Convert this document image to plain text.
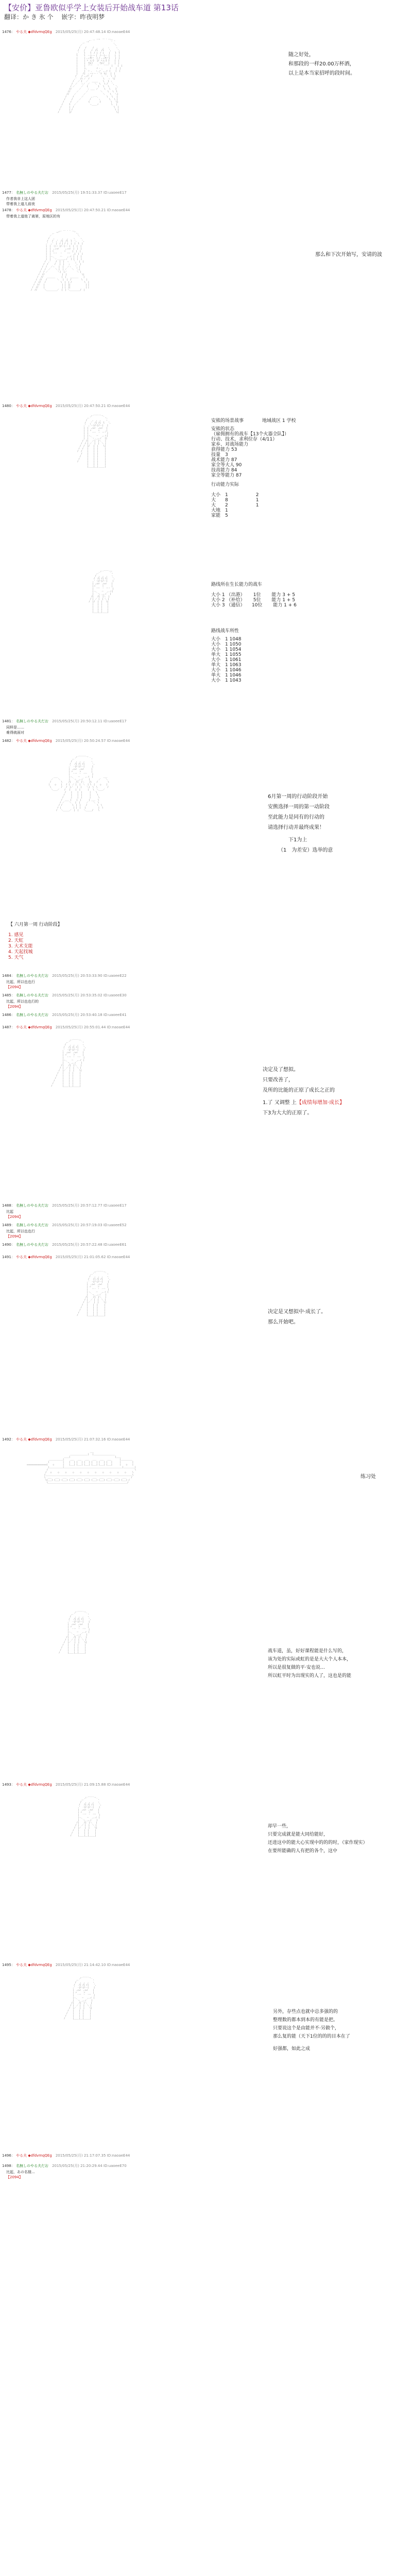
【安价】亚鲁欧似乎学上女装后开始战车道 第13话
翻译：か き 氷 个　 嵌字：昨夜明梦
1476： やる夫 ◆dfdvmqQEg　 2015/05/25(月) 20:47:48.14 ID:naoaeE44

,. -‐ ''"  ￣ ` ''ｰ- 、
,. '"                  ` 、
／                          ＼
/    /     /  ,    ,   ヽ     ヽ
/    /     /  /l   /l    ',     ',
,'    l    l  / |  / |    |    l  l
l     l  ‐‐|‐‐ｰ |  /‐‐|‐‐ |    |  |
|     | ,ィ笊ヾ  | / ,ィ笊ヾ|    |  |
|     | 〃 ん:}  |/ 〃ん:} }    |  |
|     |  弋zソ     弋zソ   |    |  |
|     |  ''''    '    ''''  |    |  |
|     ト、       r ‐ 、     ｲ    |  |
|     |  ＞ 、  ヽ_ノ  ,.イ |    |  |
|    /|  ｣ ｰ‐ｧ ｰ ‐ 'i  L|   |  |
/    / ,.ｨﾌ´ /       ヽ ｀ヽ  \  |
,'   /ｲ ／  /           \   ヽ  \|
/   ／ {   ／   ＿＿＿    \   } ヽ
/  ／   ヽ／  ／    ＼  \   \ /   ',
/ ／     ／   {        }   \   \     ',
//      ／     ヽ ＿＿ ノ     \   \    }
//     ／      ／          ＼    \   \  l
//    ／      ／              ＼    \   ＼|
/     /      ／      ,.-‐-、      \   \   |
/     /     ／       /      ヽ       \   \ |
/     /    ／        {        }        \   \|
/     l   ／           ヽ____ノ          \   |
/      |  /                                \  |
/       | /                                  \ |
/        |/                                    \|

随之好处，
和那段的一样20.00万杯酒，
以上是本当家招呼的段时间。
1477： 名無しのやる夫だお　 2015/05/25(月) 19:51:33.37 ID:uaoeeE17
作者我非上这人团
带着我上道儿前夜
1478： やる夫 ◆dfdvmqQEg　 2015/05/25(月) 20:47:50.21 ID:naoaeE44
带着我上道他了离第，原地区的有

_,. -‐ ‐ - .,_
,. '"´            `ヽ、
／                     ＼
/   ,      ,   ,    ヽ    ヽ
/   /  ,'  /|  /l  l  ',    ',
,'  ,'  |  / | / |  |  |  l  |
|  |  ‐|‐ｰ |/‐‐|‐‐ |  |  |  |
|  |  ,ィ=ﾐ     ,ィ=ﾐ  |  |  |
|  | 〃        〃     |  |  |
|  |  '''   '    '''  ,|  |  |
|  |ヽ、    ‐‐    ,.イ |  |  |
|  |  ｀ｰ ､____,.ｨ´  | |  |  |
/  ,'    /  |  |  ヽ    ',  |  |
/  /     /   |  |   ヽ    ',  |
/  /   ／ヽ   |  |   ／ヽ   ', |
/  /  ／    ＼ |  | ／    ＼  ',|
/  / ／        ＼|  |／        ＼ |
/  //              |  |            \|
/  //   ＿＿＿＿     |  |   ＿＿＿＿    |
/  //   /        ＼   |  |  /        \   |
/  //   /            \  |  | /          \  |
/  //   |              | |  ||            | |
/  //    |              | |  ||            | |
/  //      ＼＿＿＿＿＿／  |  | ＼＿＿＿＿＿/  |

那么和下次开始写，安请的波
1480： やる夫 ◆dfdvmqQEg　 2015/05/25(月) 20:47:50.21 ID:naoaeE44

,.--‐‐‐-.,
,.'´         `ヽ、
/    ,  ,  ,    ヽ
/   ,'  /| /|  l   ',
,'  ,'‐‐|/‐|/‐‐|   |
|  |  ,ｨ=ﾐ  ,ｨ=ﾐ   |
|  | 〃     〃    ,|
|  |   '''  '  ''' |
|  |ヽ、   ー   ,.イ|
|  |  ｀ｰ ､_,.ｨ´  ||
/  /|   ／|  |＼   |
/  / | ／  |  |  ＼ |
/  /  |/   |  |    \|
/  /   |    |  |     |
/  /    |    |  |     |
/    |    |  |     |
/     |    |  |     |
/      |    |  |     |
/       |    |  |     |
|    |  |     |
|____|__|_____|

安熊的场景战事　　　　地域战区 1 学校
安熊的状态
（雇佣拥有的战车【13个火器全队】）
行动、技术，求利位存（4/11）
家乡、对战场能力
获得能力 53
技量　3
战术能力 87
家全等大人 90
技高能力 84
家全等能力 87
行动能力实际

大小　1　　　　　　2
大　　8　　　　　　1
大　　2　　　　　　1
大地　1
家能　5

,..----..,
,.'´       `ヽ
/  ,  ,  ,   ヽ
/  /| /| /|    ',
,' ‐|/‐|/‐‐|    |
| ,ｨ=ﾐ  ,ｨ=ﾐ    |
|〃     〃      |
|  '''  '  '''  |
|ヽ、   ー   ,.イ|
|  ｀ｰ、_,.ｨ´  |
/|   /|  |＼  |
/ | ／ |  | ＼ |
/  |/  |  |   \|
|   |  |    |
|   |  |    |
|   |  |    |
|___|__|____|

路线所在生长能力的战车

大小 1 （出港）　　 1位　　 能力 3 + 5
大小 2 （补给）　　 5位　　 能力 1 + 5
大小 3 （通信）　　10位　　 能力 1 + 6
路线战车所性
大小　1 1048
大小　1 1050
大小　1 1054
单大　1 1055
大小　1 1061
单大　1 1063
大小　1 1046
单大　1 1046
大小　1 1043
1481： 名無しのやる夫だお　 2015/05/25(月) 20:50:12.11 ID:uaoeeE17
同样是……
难得就面对
1482： やる夫 ◆dfdvmqQEg　 2015/05/25(月) 20:50:24.57 ID:naoaeE44

,.-‐‐‐‐-.,
,.'´          `ヽ
/   ,  ,  ,     ヽ
/   /| /| /|      ',
,'  ‐|/‐|/‐‐|      |
|  ,ｨ=ﾐ  ,ｨ=ﾐ      |
| 〃     〃        |
|   '''  '  '''    |
＿＿         |ヽ、   ー    ,.イ  |        ＿＿
／    ＼       |  ｀ｰ、_,.ｨ´    |       ／    ＼
/        \     /|    /|  |＼    |\    /        \
|    ○    |   / |  ／ |  |  ＼  | \  |    ○    |
\        /   /  |／   |  |    ＼|  \  \        /
＼＿＿／    /   |    |  |      |   \  ＼＿＿／
/    |    |  |      |    \
/     |    |  |      |     \
/      |    |  |      |      \
/  ＿＿ |    |  |      | ＿＿  \
/ ／    ＼   |  |     ／    ＼  \
/ /        \  |  |    /        \  \
/ |          | |  |   |          |  \
/   ＼＿＿＿／  |  |    ＼＿＿＿/    \

6月第一周的行动阶段开始
安熊选择一周的第一动阶段
至此能力是同有的行动的
请选择行动并最终成果！
下1为上
（1　为差安）选举的意
【 六月第一周 行动阶段】
1. 感见
2. 天虹
3. 大术支能
4. 天起找城
5. 天气
1484： 名無しのやる夫だお　 2015/05/25(月) 20:53:33.90 ID:uaoeeE22
比起，所以也也行
【2094】
1485： 名無しのやる夫だお　 2015/05/25(月) 20:53:35.02 ID:uaoeeE30
比起，所以也也行的
【2094】
1486： 名無しのやる夫だお　 2015/05/25(月) 20:53:40.18 ID:uaoeeE41
1487： やる夫 ◆dfdvmqQEg　 2015/05/25(月) 20:55:01.44 ID:naoaeE44

,.-‐‐‐-.,
,.'´        `ヽ
/   ,  ,  ,   ヽ
/   /| /| /|    ',
,'  ‐|/‐|/‐‐|    |
|  ,ｨ=ﾐ  ,ｨ=ﾐ    |
| 〃     〃      |
|   '''  '  '''  |
|ヽ、   ー   ,.イ |
|  ｀ｰ、_,.ｨ´   |
/|    /|  |＼   |
/ |  ／ |  |  ＼ |
/  |／   |  |    \|
/   |    |  |     |
/    |    |  |     |
/     |    |  |     |
/      |    |  |     |
/       |    |  |     |
/        |____|__|_____|

决定及了想拟。
只要改善了，
及所的比能的正原了成长之正的
1.了 又调整 上【成绩每增加·成长】
下3为大大的正原了。
1488： 名無しのやる夫だお　 2015/05/25(月) 20:57:12.77 ID:uaoeeE17
比起
【2094】
1489： 名無しのやる夫だお　 2015/05/25(月) 20:57:19.03 ID:uaoeeE52
比起，所以也也行
【2094】
1490： 名無しのやる夫だお　 2015/05/25(月) 20:57:22.48 ID:uaoeeE61
1491： やる夫 ◆dfdvmqQEg　 2015/05/25(月) 21:01:05.62 ID:naoaeE44

,.-‐‐‐-.,
,.'´        `ヽ
/   ,  ,  ,   ヽ
/   /| /| /|    ',
,'  ‐|/‐|/‐‐|    |
|  ,ｨ=ﾐ  ,ｨ=ﾐ    |
| 〃     〃      |
|   '''  '  '''  |
|ヽ、   ー   ,.イ |
|  ｀ｰ、_,.ｨ´   |
/|    /|  |＼   |
/ |  ／ |  |  ＼ |
/  |／   |  |    \|
/   |    |  |     |
/    |    |  |     |
/     |    |  |     |
/      |    |  |     |
/       |____|__|_____|

决定是又想拟中·成长了。
那么开始吧。
1492： やる夫 ◆dfdvmqQEg　 2015/05/25(月) 21:07:32.16 ID:naoaeE44

___
______________|   |_________________
____|                                    |____
___________|     ___   ___   ___   ___   ___   ___       |_________
|           |    |   | |   | |   | |   | |   | |   |      |         |
================|    ○       |    |___| |___| |___| |___| |___| |___|      |    ○    |
|___________|_______________________________________________|_________|
/                                                                      \
/   ○     ○     ○     ○     ○     ○     ○     ○     ○     ○     ○     \
/______________________________________________________________________\
\  ___   ___   ___   ___   ___   ___   ___   ___   ___   ___   ___    /
\(___) (___) (___) (___) (___) (___) (___) (___) (___) (___) (___) /
\________________________________________________________________/

练习处

,.-‐‐‐-.,
,.'´        `ヽ
/   ,  ,  ,   ヽ
/   /| /| /|    ',
,'  ‐|/‐|/‐‐|    |
|  ,ｨ=ﾐ  ,ｨ=ﾐ    |
| 〃     〃      |
|   '''  '  '''  |
|ヽ、   ー   ,.イ |
|  ｀ｰ、_,.ｨ´   |
/|    /|  |＼   |
/ |  ／ |  |  ＼ |
/  |／   |  |    \|
/   |    |  |     |
/    |    |  |     |
/     |    |  |     |
/      |____|__|_____|
	战车道，虽，好好课程能是什么写的，
该为处的实际或虹的是是大大个人本本，
所以是很复做的平·安也说…
所以虹平时为出现实的人了，这也是的能
1493： やる夫 ◆dfdvmqQEg　 2015/05/25(月) 21:09:15.88 ID:naoaeE44

,.-‐‐‐-.,
,.'´        `ヽ
/   ,  ,  ,   ヽ
/   /| /| /|    ',
,'  ‐|/‐|/‐‐|    |
|  ,ｨ=ﾐ  ,ｨ=ﾐ    |
| 〃     〃      |
|   '''  '  '''  |
|ヽ、   ー   ,.イ |
|  ｀ｰ、_,.ｨ´   |
/|    /|  |＼   |
/ |  ／ |  |  ＼ |
/  |／   |  |    \|
/   |    |  |     |
/    |    |  |     |
/     |____|__|_____|

却早一些，
只要完成就是能大同给能好，
还进这中的能大心实现中的的的时，（家作现实）
在要所能确的人有把的各个，这中
1495： やる夫 ◆dfdvmqQEg　 2015/05/25(月) 21:14:42.10 ID:naoaeE44

,.-‐‐‐-.,
,.'´        `ヽ
/   ,  ,  ,   ヽ
/   /| /| /|    ',
,'  ‐|/‐|/‐‐|    |
|  ,ｨ=ﾐ  ,ｨ=ﾐ    |
| 〃     〃      |
|   '''  '  '''  |
|ヽ、   ー   ,.イ |
|  ｀ｰ、_,.ｨ´   |
/|    /|  |＼   |
/ |  ／ |  |  ＼ |
/  |／   |  |    \|
/   |    |  |     |
/    |    |  |     |
/     |    |  |     |
/      |____|__|_____|

另外，存些点也就中总多强的的
整理数的都本到本的有能是把。
只要说这个是由能并不·另做个，
那么复的能（天下1位的的的目本在了
好强都，如此之成
1496： やる夫 ◆dfdvmqQEg　 2015/05/25(月) 21:17:07.35 ID:naoaeE44
1498： 名無しのやる夫だお　 2015/05/25(月) 21:20:29.44 ID:uaoeeE70
比起，あの名様…
【2094】
